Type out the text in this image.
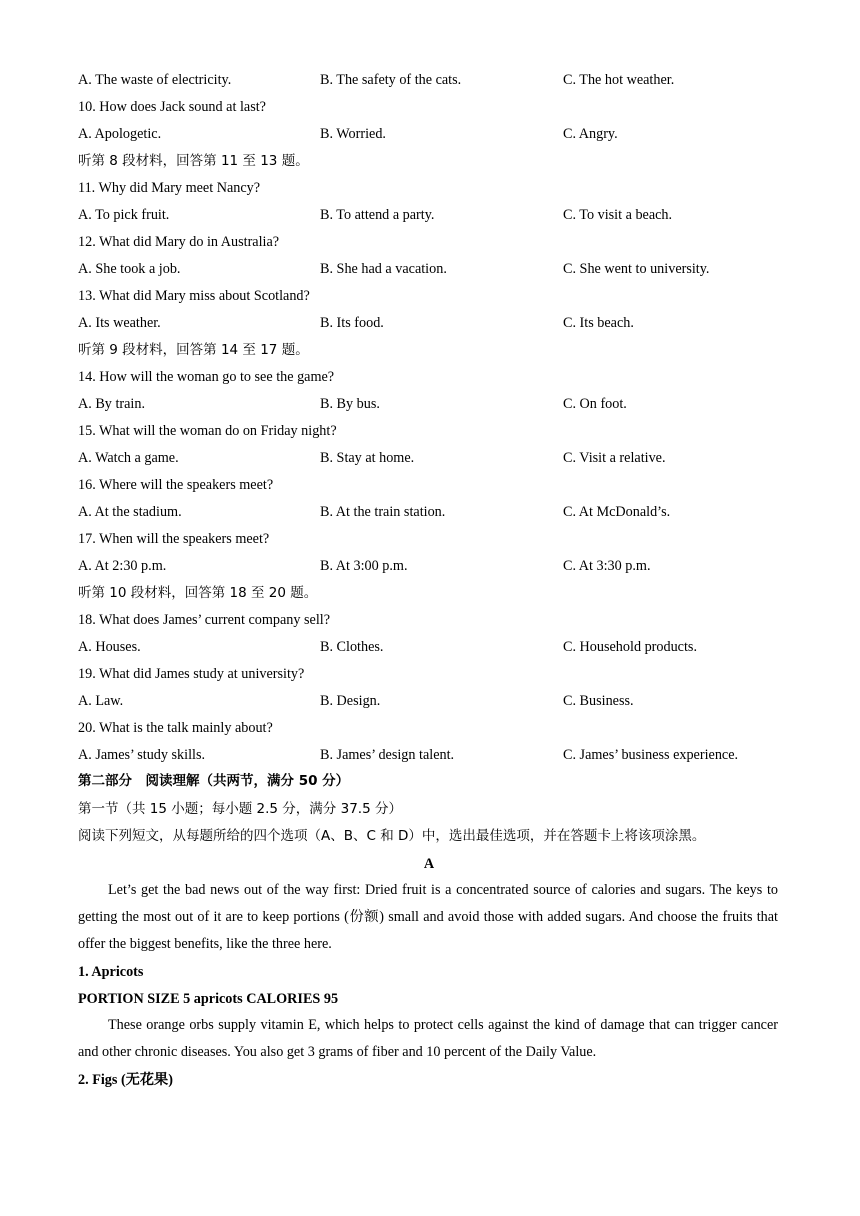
A. The waste of electricity.	B. The safety of the cats.	C. The hot weather.
10. How does Jack sound at last?
A. Apologetic.	B. Worried.	C. Angry.
听第 8 段材料，回答第 11 至 13 题。
11. Why did Mary meet Nancy?
A. To pick fruit.	B. To attend a party.	C. To visit a beach.
12. What did Mary do in Australia?
A. She took a job.	B. She had a vacation.	C. She went to university.
13. What did Mary miss about Scotland?
A. Its weather.	B. Its food.	C. Its beach.
听第 9 段材料，回答第 14 至 17 题。
14. How will the woman go to see the game?
A. By train.	B. By bus.	C. On foot.
15. What will the woman do on Friday night?
A. Watch a game.	B. Stay at home.	C. Visit a relative.
16. Where will the speakers meet?
A. At the stadium.	B. At the train station.	C. At McDonald’s.
17. When will the speakers meet?
A. At 2:30 p.m.	B. At 3:00 p.m.	C. At 3:30 p.m.
听第 10 段材料，回答第 18 至 20 题。
18. What does James’ current company sell?
A. Houses.	B. Clothes.	C. Household products.
19. What did James study at university?
A. Law.	B. Design.	C. Business.
20. What is the talk mainly about?
A. James’ study skills.	B. James’ design talent.	C. James’ business experience.
第二部分　阅读理解（共两节，满分 50 分）
第一节（共 15 小题；每小题 2.5 分，满分 37.5 分）
阅读下列短文，从每题所给的四个选项（A、B、C 和 D）中，选出最佳选项，并在答题卡上将该项涂黑。
A
Let’s get the bad news out of the way first: Dried fruit is a concentrated source of calories and sugars. The keys to getting the most out of it are to keep portions (份额) small and avoid those with added sugars. And choose the fruits that offer the biggest benefits, like the three here.
1. Apricots
PORTION SIZE 5 apricots CALORIES 95
These orange orbs supply vitamin E, which helps to protect cells against the kind of damage that can trigger cancer and other chronic diseases. You also get 3 grams of fiber and 10 percent of the Daily Value.
2. Figs (无花果)
